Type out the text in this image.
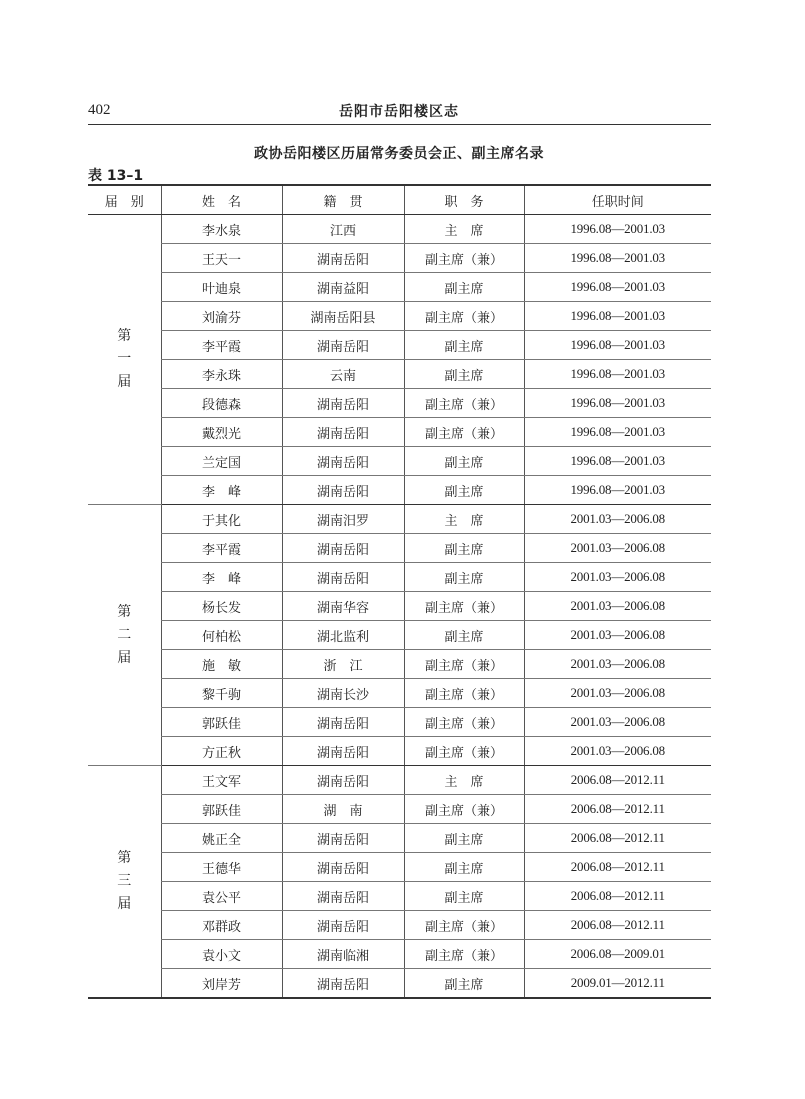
402	岳阳市岳阳楼区志
政协岳阳楼区历届常务委员会正、副主席名录
表 13–1
届　别	姓　名	籍　贯	职　务	任职时间

第
一
届	李水泉	江西	主　席	1996.08—2001.03
	王天一	湖南岳阳	副主席（兼）	1996.08—2001.03
	叶迪泉	湖南益阳	副主席	1996.08—2001.03
	刘渝芬	湖南岳阳县	副主席（兼）	1996.08—2001.03
	李平霞	湖南岳阳	副主席	1996.08—2001.03
	李永珠	云南	副主席	1996.08—2001.03
	段德森	湖南岳阳	副主席（兼）	1996.08—2001.03
	戴烈光	湖南岳阳	副主席（兼）	1996.08—2001.03
	兰定国	湖南岳阳	副主席	1996.08—2001.03
	李　峰	湖南岳阳	副主席	1996.08—2001.03

第
二
届	于其化	湖南汨罗	主　席	2001.03—2006.08
	李平霞	湖南岳阳	副主席	2001.03—2006.08
	李　峰	湖南岳阳	副主席	2001.03—2006.08
	杨长发	湖南华容	副主席（兼）	2001.03—2006.08
	何柏松	湖北监利	副主席	2001.03—2006.08
	施　敏	浙　江	副主席（兼）	2001.03—2006.08
	黎千驹	湖南长沙	副主席（兼）	2001.03—2006.08
	郭跃佳	湖南岳阳	副主席（兼）	2001.03—2006.08
	方正秋	湖南岳阳	副主席（兼）	2001.03—2006.08

第
三
届	王文军	湖南岳阳	主　席	2006.08—2012.11
	郭跃佳	湖　南	副主席（兼）	2006.08—2012.11
	姚正全	湖南岳阳	副主席	2006.08—2012.11
	王德华	湖南岳阳	副主席	2006.08—2012.11
	袁公平	湖南岳阳	副主席	2006.08—2012.11
	邓群政	湖南岳阳	副主席（兼）	2006.08—2012.11
	袁小文	湖南临湘	副主席（兼）	2006.08—2009.01
	刘岸芳	湖南岳阳	副主席	2009.01—2012.11
